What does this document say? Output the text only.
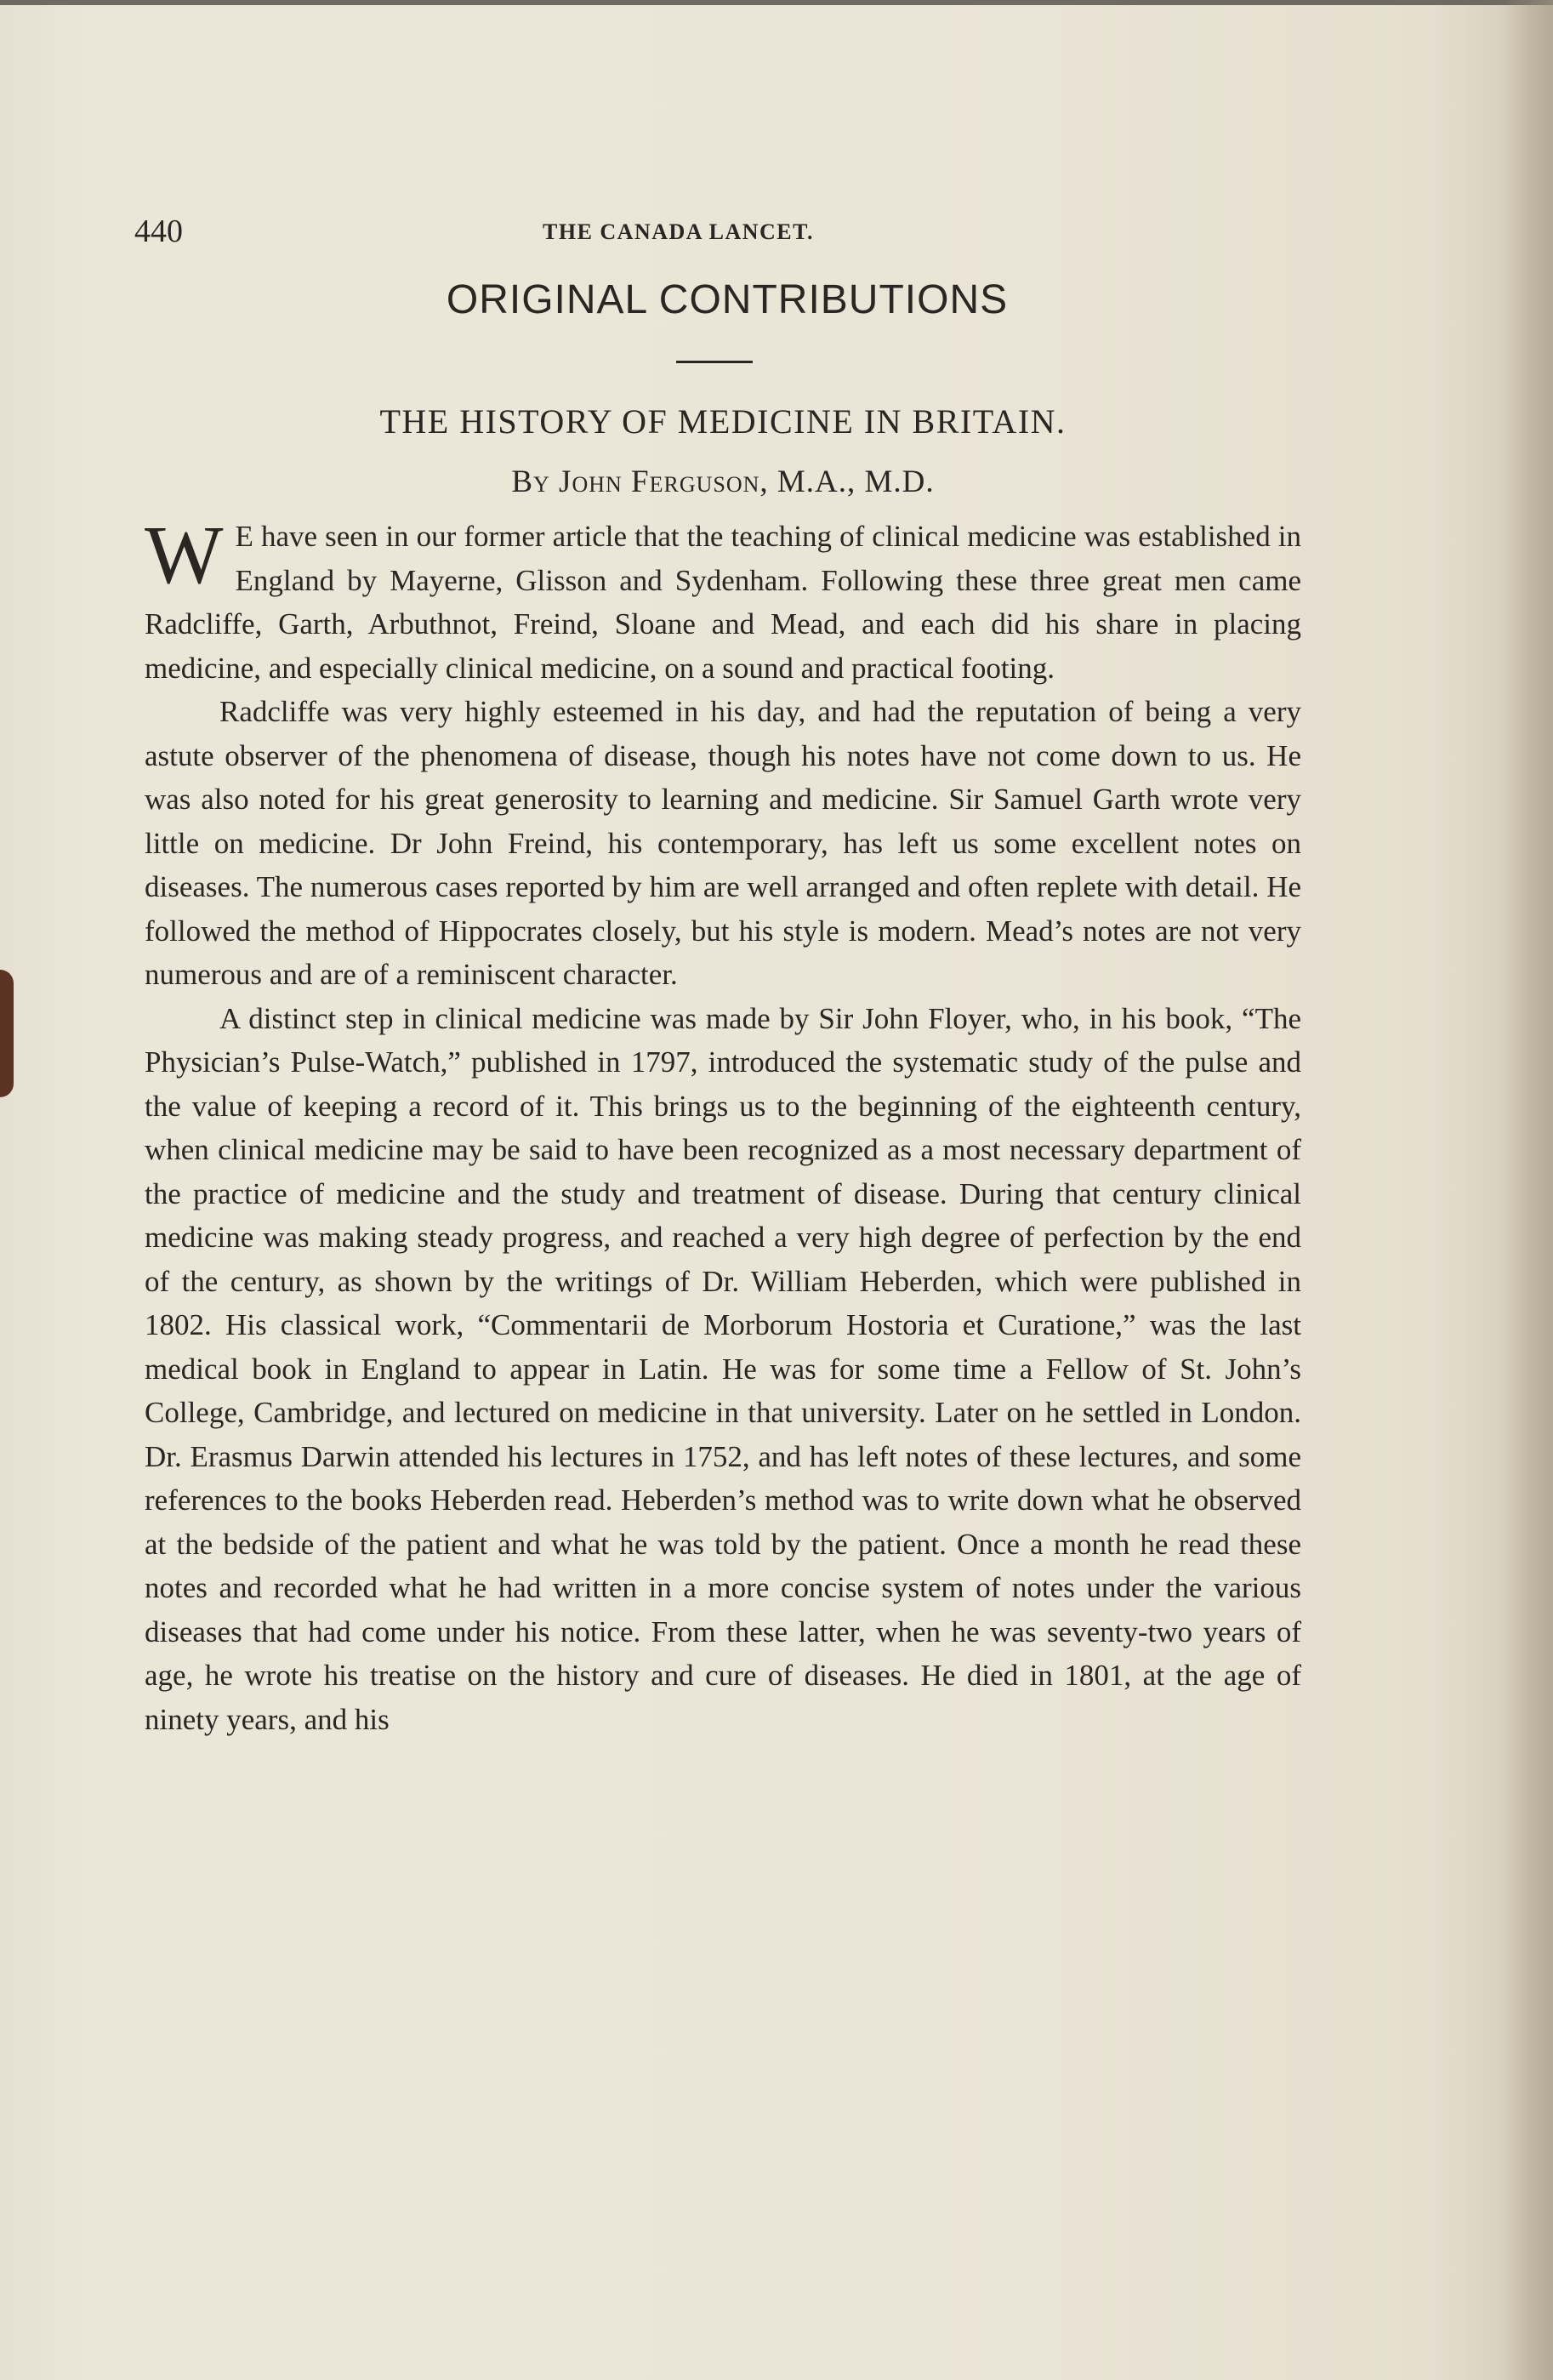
440	THE CANADA LANCET.
ORIGINAL CONTRIBUTIONS
THE HISTORY OF MEDICINE IN BRITAIN.
By John Ferguson, M.A., M.D.

W E have seen in our former article that the teaching of clinical medicine was established in England by Mayerne, Glisson and Sydenham. Following these three great men came Radcliffe, Garth, Arbuthnot, Freind, Sloane and Mead, and each did his share in placing medicine, and especially clinical medicine, on a sound and practical footing.

Radcliffe was very highly esteemed in his day, and had the reputation of being a very astute observer of the phenomena of disease, though his notes have not come down to us. He was also noted for his great generosity to learning and medicine. Sir Samuel Garth wrote very little on medicine. Dr John Freind, his contemporary, has left us some excellent notes on diseases. The numerous cases reported by him are well arranged and often replete with detail. He followed the method of Hippocrates closely, but his style is modern. Mead’s notes are not very numerous and are of a reminiscent character.

A distinct step in clinical medicine was made by Sir John Floyer, who, in his book, “The Physician’s Pulse-Watch,” published in 1797, introduced the systematic study of the pulse and the value of keeping a record of it. This brings us to the beginning of the eighteenth century, when clinical medicine may be said to have been recognized as a most necessary department of the practice of medicine and the study and treatment of disease. During that century clinical medicine was making steady progress, and reached a very high degree of perfection by the end of the century, as shown by the writings of Dr. William Heberden, which were published in 1802. His classical work, “Commentarii de Morborum Hostoria et Curatione,” was the last medical book in England to appear in Latin. He was for some time a Fellow of St. John’s College, Cambridge, and lectured on medicine in that university. Later on he settled in London. Dr. Erasmus Darwin attended his lectures in 1752, and has left notes of these lectures, and some references to the books Heberden read. Heberden’s method was to write down what he observed at the bedside of the patient and what he was told by the patient. Once a month he read these notes and recorded what he had written in a more concise system of notes under the various diseases that had come under his notice. From these latter, when he was seventy-two years of age, he wrote his treatise on the history and cure of diseases. He died in 1801, at the age of ninety years, and his
